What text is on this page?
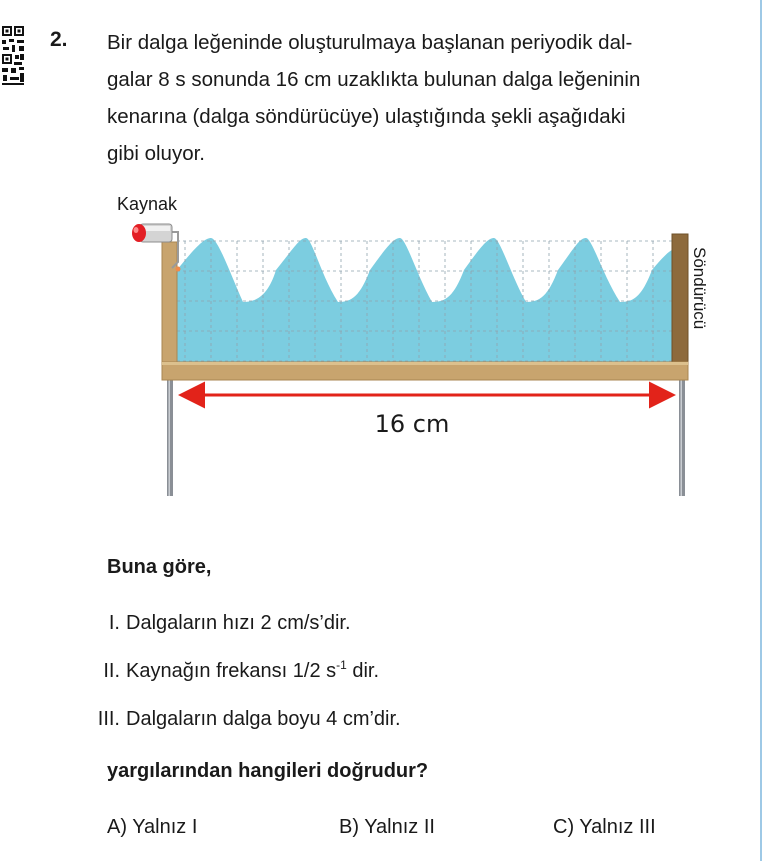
2. Bir dalga leğeninde oluşturulmaya başlanan periyodik dal-
galar 8 s sonunda 16 cm uzaklıkta bulunan dalga leğeninin
kenarına (dalga söndürücüye) ulaştığında şekli aşağıdaki
gibi oluyor.

Kaynak
Söndürücü
16 cm
Buna göre,
I. Dalgaların hızı 2 cm/s’dir.
II. Kaynağın frekansı 1/2 $s^{-1}$ dir.
III. Dalgaların dalga boyu 4 cm’dir.
yargılarından hangileri doğrudur?
A) Yalnız I	B) Yalnız II	C) Yalnız III
